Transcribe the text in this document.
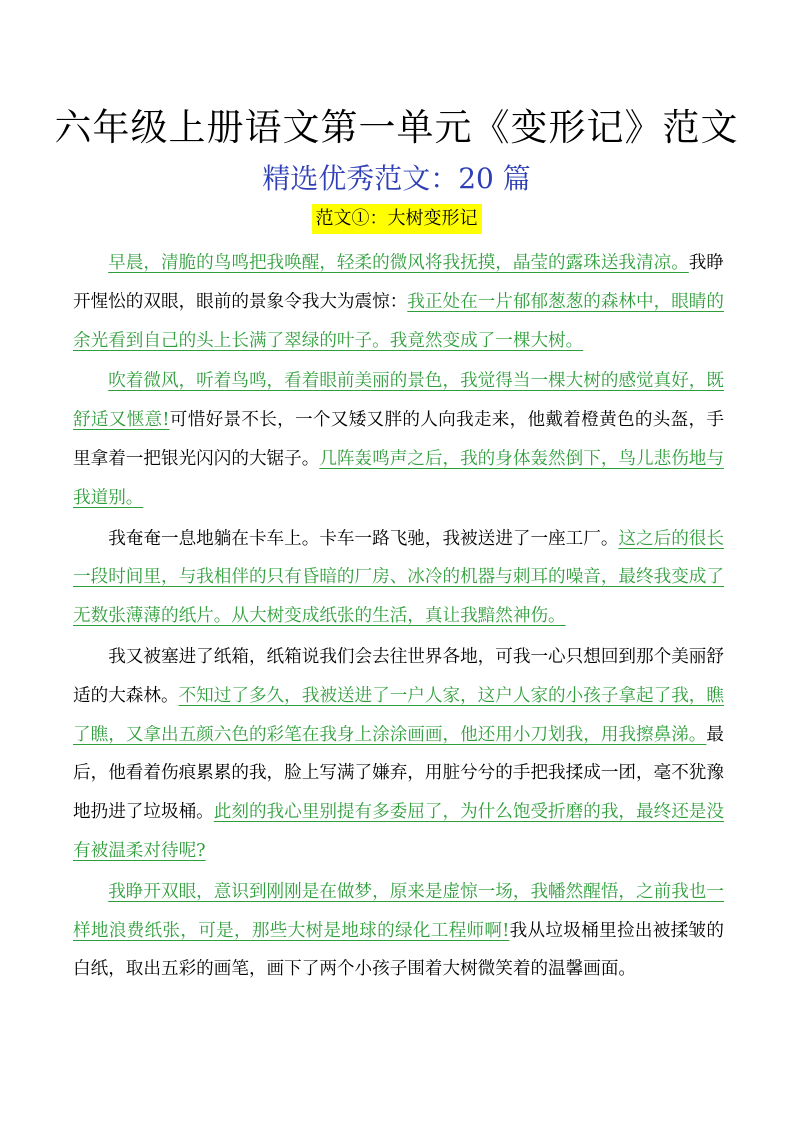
六年级上册语文第一单元《变形记》范文
精选优秀范文：20 篇
范文①：大树变形记

早晨，清脆的鸟鸣把我唤醒，轻柔的微风将我抚摸，晶莹的露珠送我清凉。我睁开惺忪的双眼，眼前的景象令我大为震惊：我正处在一片郁郁葱葱的森林中，眼睛的余光看到自己的头上长满了翠绿的叶子。我竟然变成了一棵大树。

吹着微风，听着鸟鸣，看着眼前美丽的景色，我觉得当一棵大树的感觉真好，既舒适又惬意!可惜好景不长，一个又矮又胖的人向我走来，他戴着橙黄色的头盔，手里拿着一把银光闪闪的大锯子。几阵轰鸣声之后，我的身体轰然倒下，鸟儿悲伤地与我道别。

我奄奄一息地躺在卡车上。卡车一路飞驰，我被送进了一座工厂。这之后的很长一段时间里，与我相伴的只有昏暗的厂房、冰冷的机器与刺耳的噪音，最终我变成了无数张薄薄的纸片。从大树变成纸张的生活，真让我黯然神伤。

我又被塞进了纸箱，纸箱说我们会去往世界各地，可我一心只想回到那个美丽舒适的大森林。不知过了多久，我被送进了一户人家，这户人家的小孩子拿起了我，瞧了瞧，又拿出五颜六色的彩笔在我身上涂涂画画，他还用小刀划我，用我擦鼻涕。最后，他看着伤痕累累的我，脸上写满了嫌弃，用脏兮兮的手把我揉成一团，毫不犹豫地扔进了垃圾桶。此刻的我心里别提有多委屈了，为什么饱受折磨的我，最终还是没有被温柔对待呢?

我睁开双眼，意识到刚刚是在做梦，原来是虚惊一场，我幡然醒悟，之前我也一样地浪费纸张，可是，那些大树是地球的绿化工程师啊!我从垃圾桶里捡出被揉皱的白纸，取出五彩的画笔，画下了两个小孩子围着大树微笑着的温馨画面。
